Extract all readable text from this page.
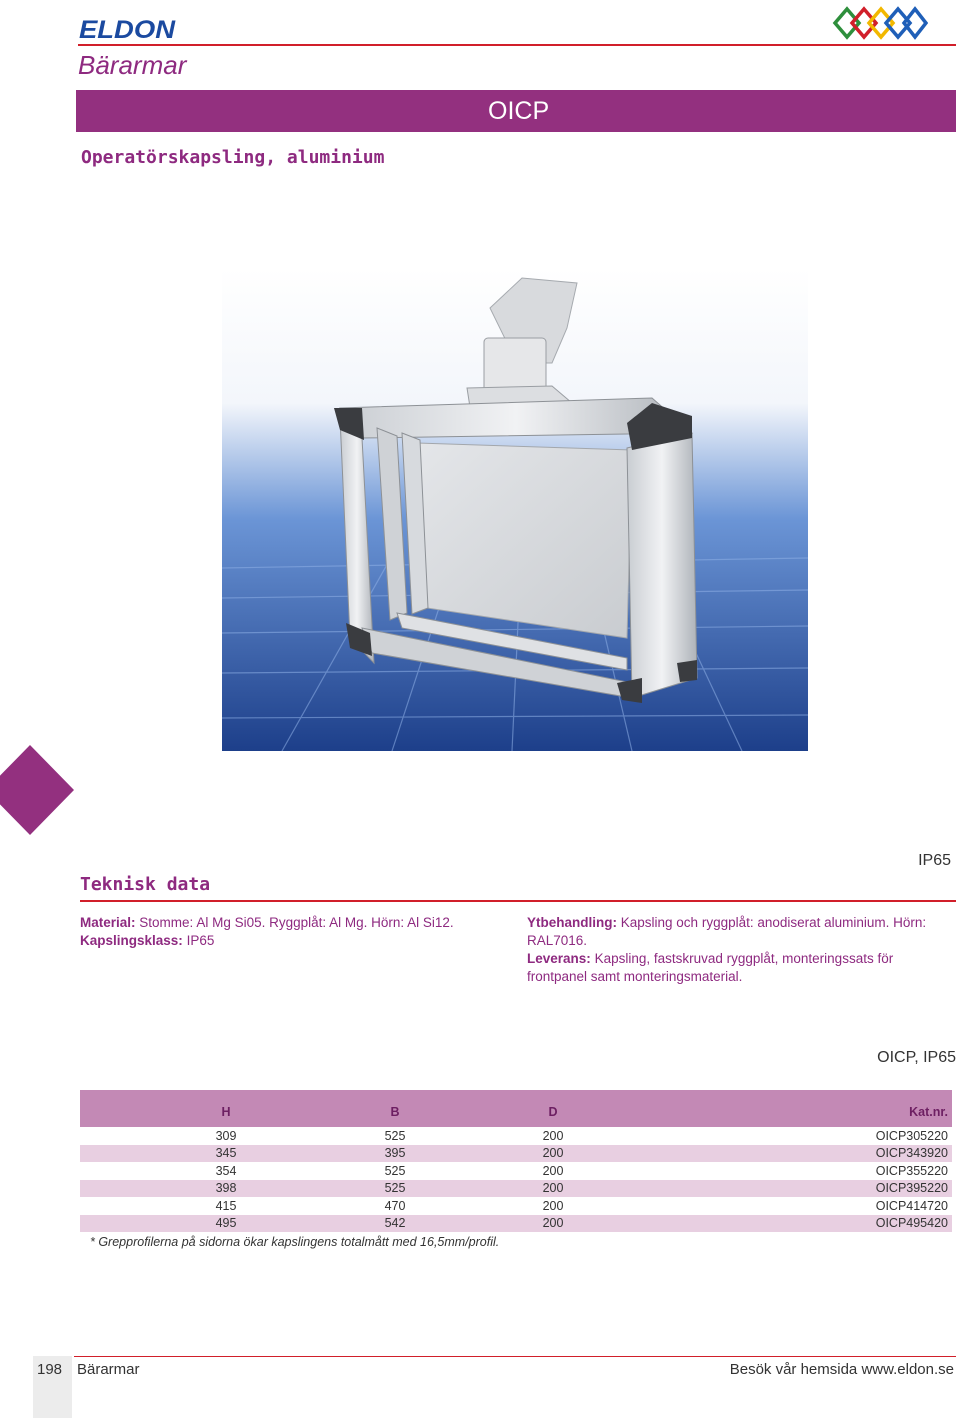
ELDON
Bärarmar
OICP
Operatörskapsling, aluminium
IP65
Teknisk data
Material: Stomme: Al Mg Si05. Ryggplåt: Al Mg. Hörn: Al Si12.
Kapslingsklass: IP65
Ytbehandling: Kapsling och ryggplåt: anodiserat aluminium. Hörn: RAL7016.
Leverans: Kapsling, fastskruvad ryggplåt, monteringssats för frontpanel samt monteringsmaterial.
OICP, IP65
H	B	D	Kat.nr.
309	525	200	OICP305220
345	395	200	OICP343920
354	525	200	OICP355220
398	525	200	OICP395220
415	470	200	OICP414720
495	542	200	OICP495420
* Grepprofilerna på sidorna ökar kapslingens totalmått med 16,5mm/profil.
198 Bärarmar	Besök vår hemsida www.eldon.se
